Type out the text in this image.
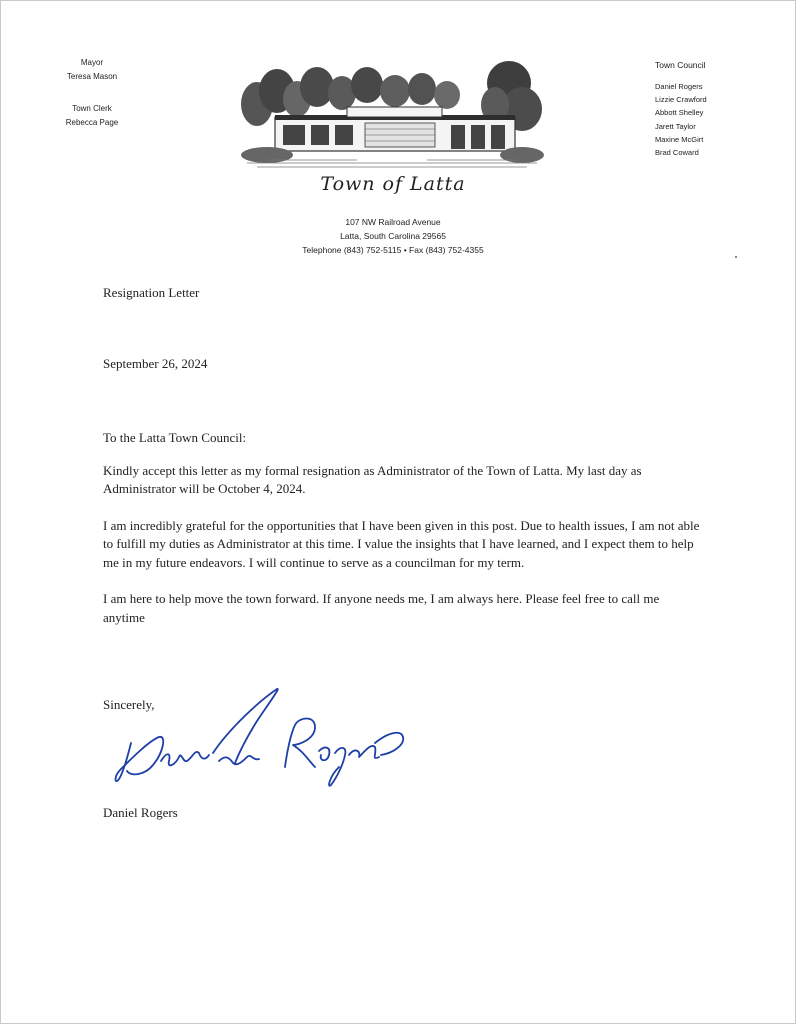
Mayor
Teresa Mason
Town Clerk
Rebecca Page
Town of Latta
107 NW Railroad Avenue
Latta, South Carolina 29565
Telephone (843) 752-5115 • Fax (843) 752-4355
Town Council
Daniel Rogers
Lizzie Crawford
Abbott Shelley
Jarett Taylor
Maxine McGirt
Brad Coward
Resignation Letter
September 26, 2024

To the Latta Town Council:

Kindly accept this letter as my formal resignation as Administrator of the Town of Latta. My last day as Administrator will be October 4, 2024.

I am incredibly grateful for the opportunities that I have been given in this post. Due to health issues, I am not able to fulfill my duties as Administrator at this time. I value the insights that I have learned, and I expect them to help me in my future endeavors. I will continue to serve as a councilman for my term.

I am here to help move the town forward. If anyone needs me, I am always here. Please feel free to call me anytime

Sincerely,
Daniel Rogers
